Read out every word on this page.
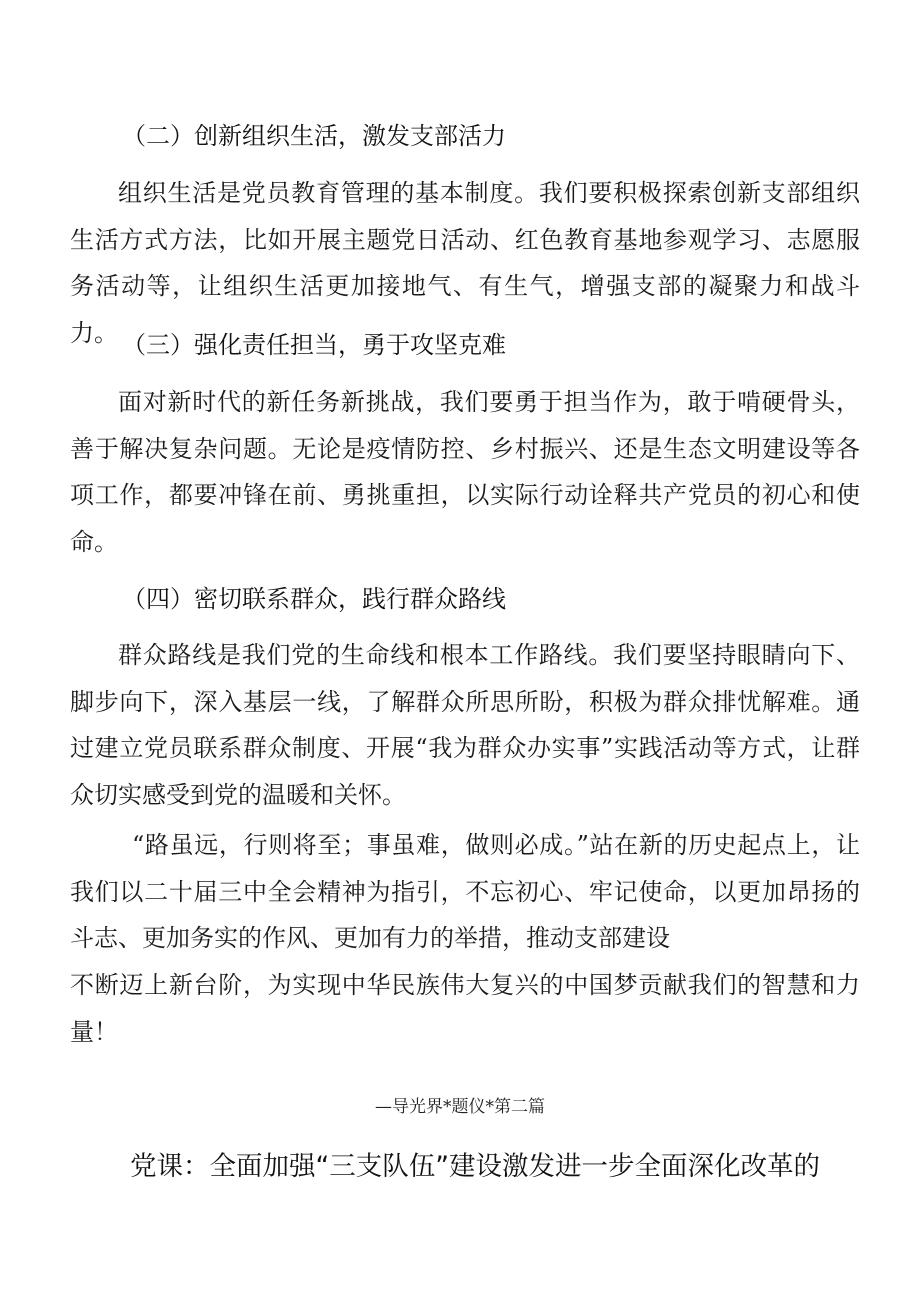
（二）创新组织生活，激发支部活力

组织生活是党员教育管理的基本制度。我们要积极探索创新支部组织生活方式方法，比如开展主题党日活动、红色教育基地参观学习、志愿服务活动等，让组织生活更加接地气、有生气，增强支部的凝聚力和战斗力。 （三）强化责任担当，勇于攻坚克难

面对新时代的新任务新挑战，我们要勇于担当作为，敢于啃硬骨头，善于解决复杂问题。无论是疫情防控、乡村振兴、还是生态文明建设等各项工作，都要冲锋在前、勇挑重担，以实际行动诠释共产党员的初心和使命。

（四）密切联系群众，践行群众路线

群众路线是我们党的生命线和根本工作路线。我们要坚持眼睛向下、脚步向下，深入基层一线，了解群众所思所盼，积极为群众排忧解难。通过建立党员联系群众制度、开展“我为群众办实事”实践活动等方式，让群众切实感受到党的温暖和关怀。

“路虽远，行则将至；事虽难，做则必成。”站在新的历史起点上，让我们以二十届三中全会精神为指引，不忘初心、牢记使命，以更加昂扬的斗志、更加务实的作风、更加有力的举措，推动支部建设

不断迈上新台阶，为实现中华民族伟大复兴的中国梦贡献我们的智慧和力量！

—导光界*题仪*第二篇
党课：全面加强“三支队伍”建设激发进一步全面深化改革的
